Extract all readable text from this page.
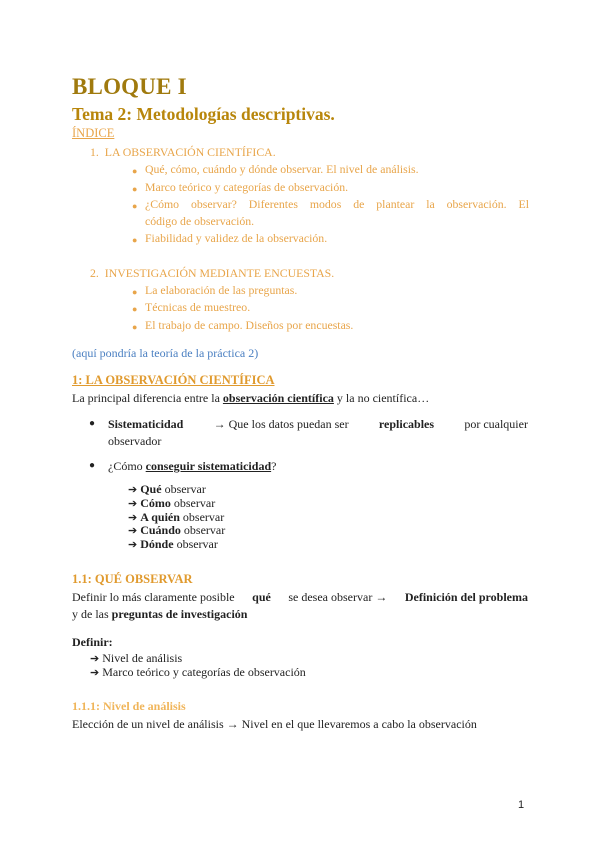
BLOQUE I
Tema 2: Metodologías descriptivas.
ÍNDICE
1. LA OBSERVACIÓN CIENTÍFICA.
● Qué, cómo, cuándo y dónde observar. El nivel de análisis.
● Marco teórico y categorías de observación.
● ¿Cómo observar? Diferentes modos de plantear la observación. El
código de observación.
● Fiabilidad y validez de la observación.
2. INVESTIGACIÓN MEDIANTE ENCUESTAS.
● La elaboración de las preguntas.
● Técnicas de muestreo.
● El trabajo de campo. Diseños por encuestas.
(aquí pondría la teoría de la práctica 2)
1: LA OBSERVACIÓN CIENTÍFICA
La principal diferencia entre la observación científica y la no científica…
● Sistematicidad	→ Que los datos puedan ser	replicables	por cualquier
observador
● ¿Cómo conseguir sistematicidad?
➔ Qué observar
➔ Cómo observar
➔ A quién observar
➔ Cuándo observar
➔ Dónde observar
1.1: QUÉ OBSERVAR
Definir lo más claramente posible qué se desea observar → Definición del problema
y de las preguntas de investigación
Definir:
➔ Nivel de análisis
➔ Marco teórico y categorías de observación
1.1.1: Nivel de análisis
Elección de un nivel de análisis → Nivel en el que llevaremos a cabo la observación
1
